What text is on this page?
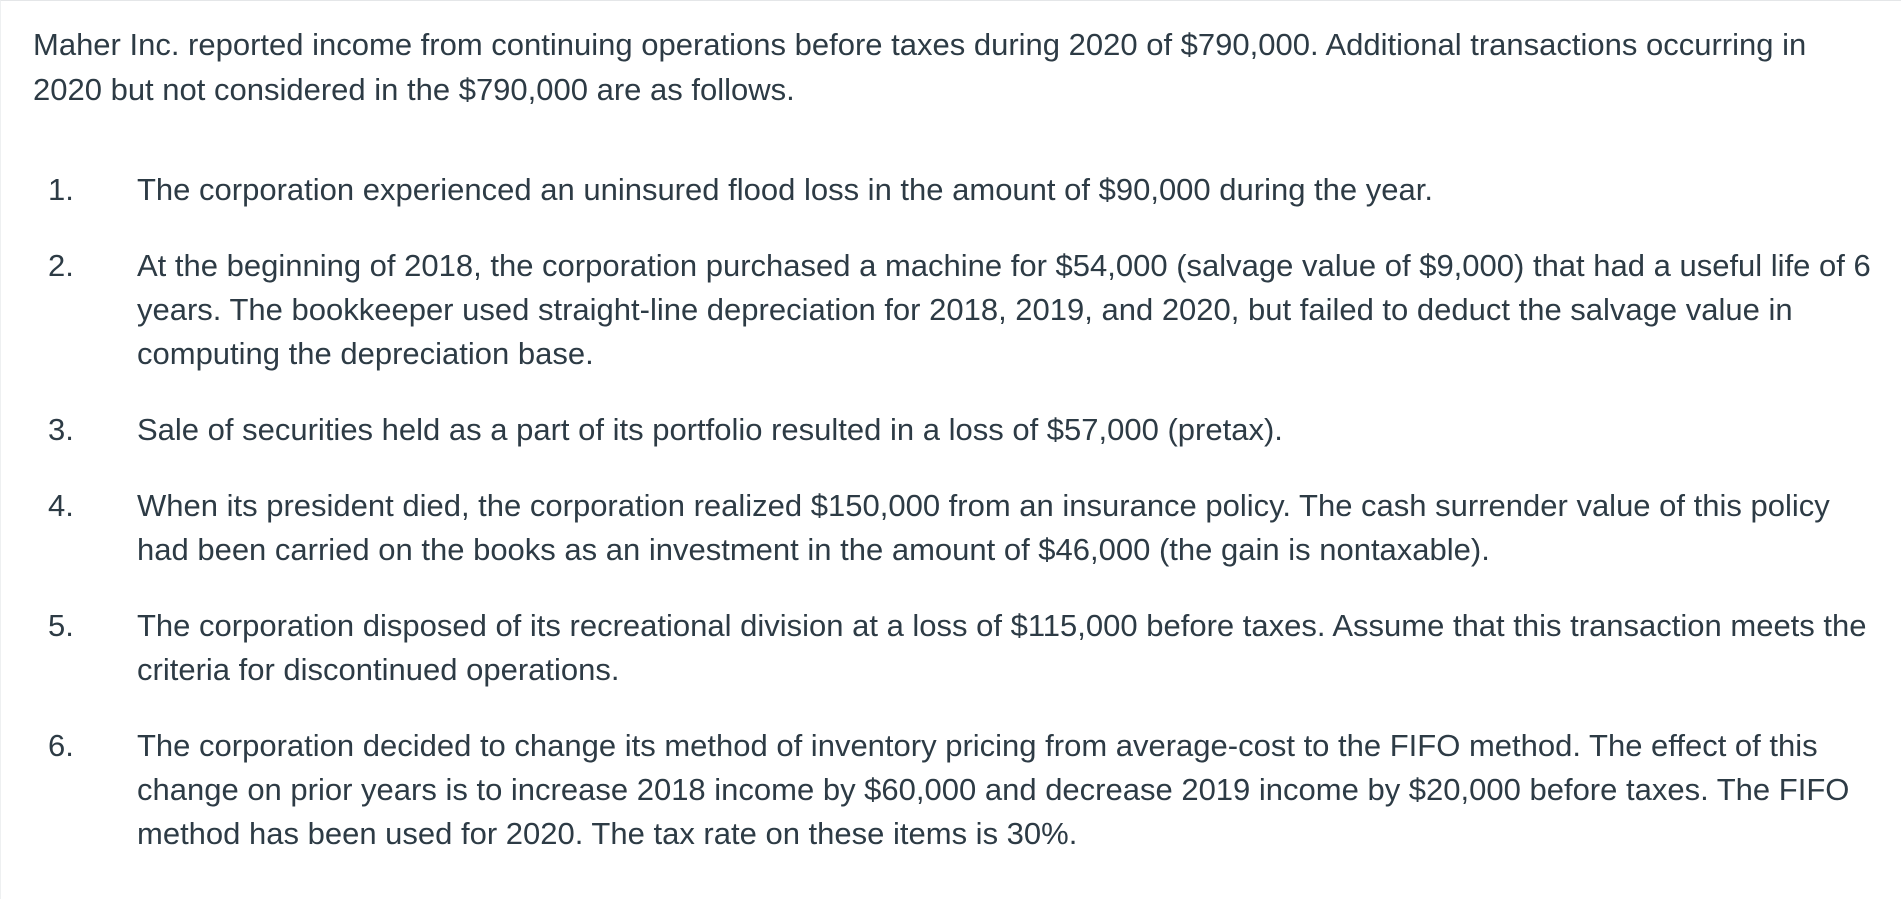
Maher Inc. reported income from continuing operations before taxes during 2020 of $790,000. Additional transactions occurring in 2020 but not considered in the $790,000 are as follows.

1.	The corporation experienced an uninsured flood loss in the amount of $90,000 during the year.
2.	At the beginning of 2018, the corporation purchased a machine for $54,000 (salvage value of $9,000) that had a useful life of 6 years. The bookkeeper used straight-line depreciation for 2018, 2019, and 2020, but failed to deduct the salvage value in computing the depreciation base.
3.	Sale of securities held as a part of its portfolio resulted in a loss of $57,000 (pretax).
4.	When its president died, the corporation realized $150,000 from an insurance policy. The cash surrender value of this policy had been carried on the books as an investment in the amount of $46,000 (the gain is nontaxable).
5.	The corporation disposed of its recreational division at a loss of $115,000 before taxes. Assume that this transaction meets the criteria for discontinued operations.
6.	The corporation decided to change its method of inventory pricing from average-cost to the FIFO method. The effect of this change on prior years is to increase 2018 income by $60,000 and decrease 2019 income by $20,000 before taxes. The FIFO method has been used for 2020. The tax rate on these items is 30%.
